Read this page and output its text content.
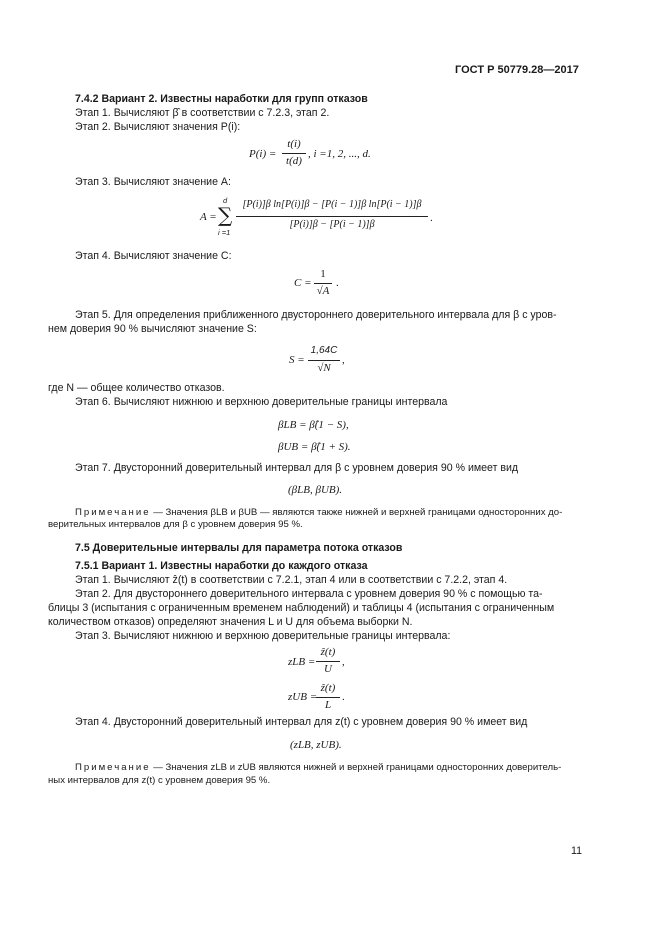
ГОСТ Р 50779.28—2017
7.4.2 Вариант 2. Известны наработки для групп отказов
Этап 1. Вычисляют β̂ в соответствии с 7.2.3, этап 2.
Этап 2. Вычисляют значения P(i):
P(i) =
t(i)
t(d)
, i =1, 2, ..., d.
Этап 3. Вычисляют значение A:
A = ∑
d
i =1
[P(i)]β ln[P(i)]β − [P(i − 1)]β ln[P(i − 1)]β
[P(i)]β − [P(i − 1)]β
.
Этап 4. Вычисляют значение C:
C =
1
√A
.
Этап 5. Для определения приближенного двустороннего доверительного интервала для β с уров-
нем доверия 90 % вычисляют значение S:
S =
1,64C
√N
,
где N — общее количество отказов.
Этап 6. Вычисляют нижнюю и верхнюю доверительные границы интервала
βLB = β̂(1 − S),
βUB = β̂(1 + S).
Этап 7. Двусторонний доверительный интервал для β с уровнем доверия 90 % имеет вид
(βLB, βUB).
Примечание — Значения βLB и βUB — являются также нижней и верхней границами односторонних до-
верительных интервалов для β с уровнем доверия 95 %.
7.5 Доверительные интервалы для параметра потока отказов
7.5.1 Вариант 1. Известны наработки до каждого отказа
Этап 1. Вычисляют ẑ(t) в соответствии с 7.2.1, этап 4 или в соответствии с 7.2.2, этап 4.
Этап 2. Для двустороннего доверительного интервала с уровнем доверия 90 % с помощью та-
блицы 3 (испытания с ограниченным временем наблюдений) и таблицы 4 (испытания с ограниченным
количеством отказов) определяют значения L и U для объема выборки N.
Этап 3. Вычисляют нижнюю и верхнюю доверительные границы интервала:
zLB =
ẑ(t)
U
,
zUB =
ẑ(t)
L
.
Этап 4. Двусторонний доверительный интервал для z(t) с уровнем доверия 90 % имеет вид
(zLB, zUB).
Примечание — Значения zLB и zUB являются нижней и верхней границами односторонних доверитель-
ных интервалов для z(t) с уровнем доверия 95 %.
11
